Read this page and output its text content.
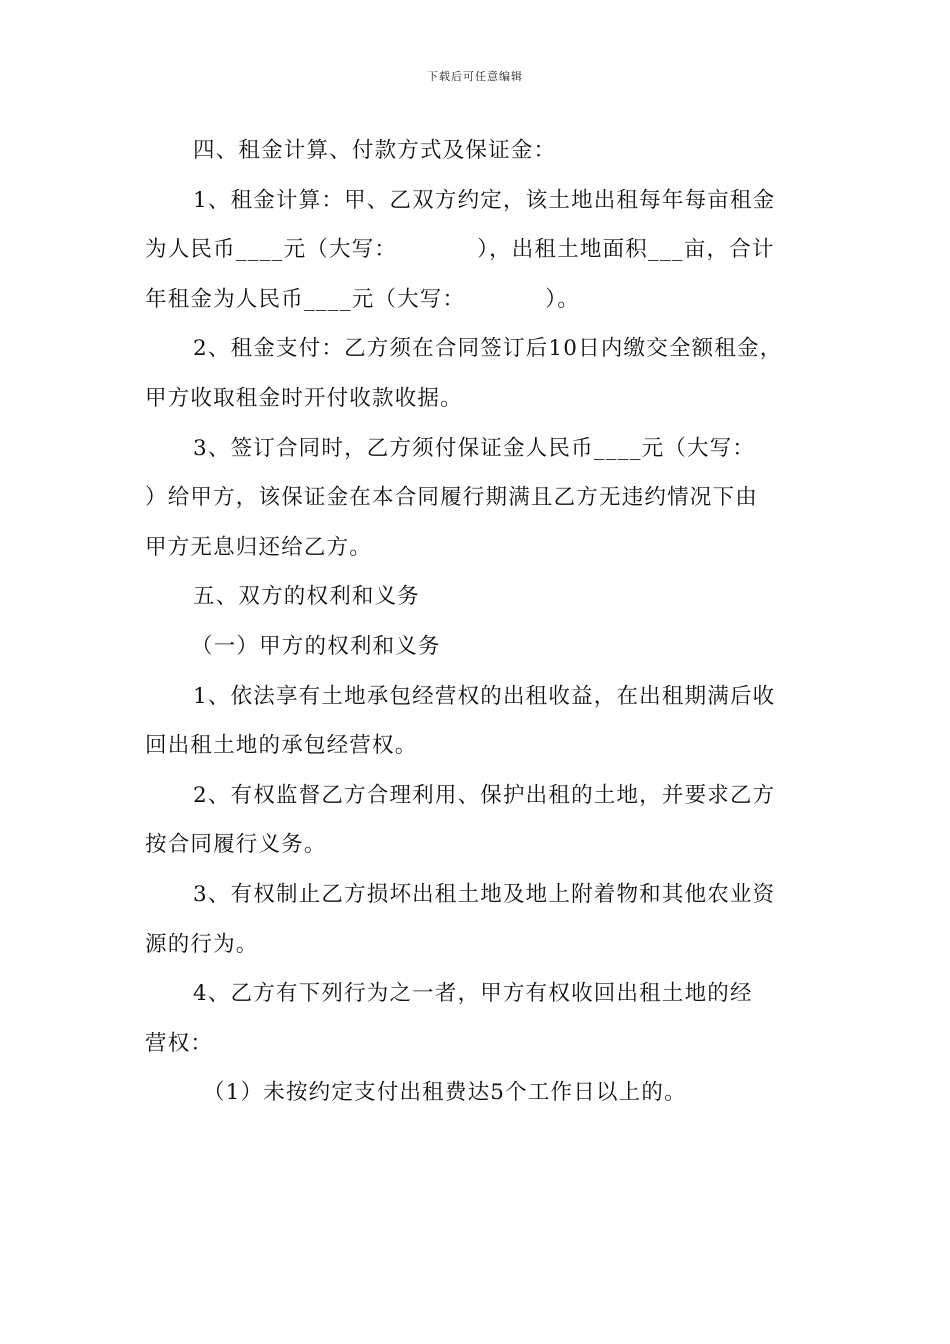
下载后可任意编辑
四、租金计算、付款方式及保证金：
1、租金计算：甲、乙双方约定，该土地出租每年每亩租金
为人民币____元（大写：　　　　），出租土地面积___亩，合计
年租金为人民币____元（大写：　　　　）。
2、租金支付：乙方须在合同签订后10日内缴交全额租金，
甲方收取租金时开付收款收据。
3、签订合同时，乙方须付保证金人民币____元（大写：
）给甲方，该保证金在本合同履行期满且乙方无违约情况下由
甲方无息归还给乙方。
五、双方的权利和义务
（一）甲方的权利和义务
1、依法享有土地承包经营权的出租收益，在出租期满后收
回出租土地的承包经营权。
2、有权监督乙方合理利用、保护出租的土地，并要求乙方
按合同履行义务。
3、有权制止乙方损坏出租土地及地上附着物和其他农业资
源的行为。
4、乙方有下列行为之一者，甲方有权收回出租土地的经
营权：
（1）未按约定支付出租费达5个工作日以上的。
